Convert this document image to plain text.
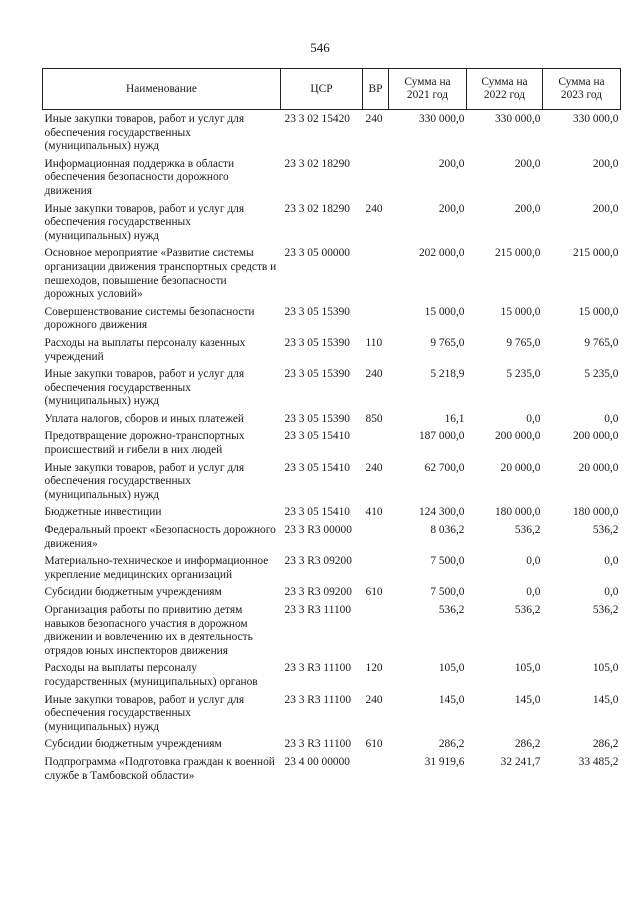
546
Наименование	ЦСР	ВР	Сумма на 2021 год	Сумма на 2022 год	Сумма на 2023 год
Иные закупки товаров, работ и услуг для обеспечения государственных (муниципальных) нужд	23 3 02 15420	240	330 000,0	330 000,0	330 000,0
Информационная поддержка в области обеспечения безопасности дорожного движения	23 3 02 18290		200,0	200,0	200,0
Иные закупки товаров, работ и услуг для обеспечения государственных (муниципальных) нужд	23 3 02 18290	240	200,0	200,0	200,0
Основное мероприятие «Развитие системы организации движения транспортных средств и пешеходов, повышение безопасности дорожных условий»	23 3 05 00000		202 000,0	215 000,0	215 000,0
Совершенствование системы безопасности дорожного движения	23 3 05 15390		15 000,0	15 000,0	15 000,0
Расходы на выплаты персоналу казенных учреждений	23 3 05 15390	110	9 765,0	9 765,0	9 765,0
Иные закупки товаров, работ и услуг для обеспечения государственных (муниципальных) нужд	23 3 05 15390	240	5 218,9	5 235,0	5 235,0
Уплата налогов, сборов и иных платежей	23 3 05 15390	850	16,1	0,0	0,0
Предотвращение дорожно-транспортных происшествий и гибели в них людей	23 3 05 15410		187 000,0	200 000,0	200 000,0
Иные закупки товаров, работ и услуг для обеспечения государственных (муниципальных) нужд	23 3 05 15410	240	62 700,0	20 000,0	20 000,0
Бюджетные инвестиции	23 3 05 15410	410	124 300,0	180 000,0	180 000,0
Федеральный проект «Безопасность дорожного движения»	23 3 R3 00000		8 036,2	536,2	536,2
Материально-техническое и информационное укрепление медицинских организаций	23 3 R3 09200		7 500,0	0,0	0,0
Субсидии бюджетным учреждениям	23 3 R3 09200	610	7 500,0	0,0	0,0
Организация работы по привитию детям навыков безопасного участия в дорожном движении и вовлечению их в деятельность отрядов юных инспекторов движения	23 3 R3 11100		536,2	536,2	536,2
Расходы на выплаты персоналу государственных (муниципальных) органов	23 3 R3 11100	120	105,0	105,0	105,0
Иные закупки товаров, работ и услуг для обеспечения государственных (муниципальных) нужд	23 3 R3 11100	240	145,0	145,0	145,0
Субсидии бюджетным учреждениям	23 3 R3 11100	610	286,2	286,2	286,2
Подпрограмма «Подготовка граждан к военной службе в Тамбовской области»	23 4 00 00000		31 919,6	32 241,7	33 485,2
